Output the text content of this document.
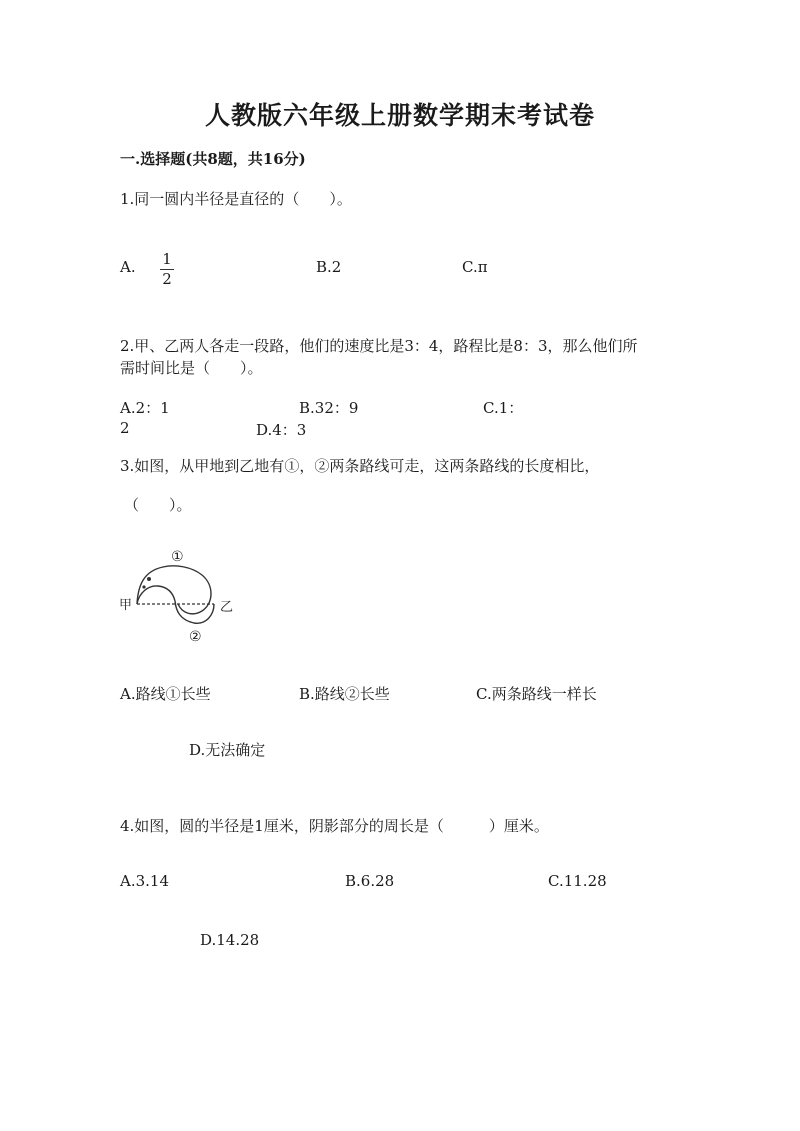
人教版六年级上册数学期末考试卷
一.选择题(共8题，共16分)
1.同一圆内半径是直径的（　　）。
A. 1
2
B.2	C.π
2.甲、乙两人各走一段路，他们的速度比是3：4，路程比是8：3，那么他们所
需时间比是（　　）。
A.2：1	B.32：9	C.1：
2	D.4：3
3.如图，从甲地到乙地有①，②两条路线可走，这两条路线的长度相比，
（　　）。
①
②
甲	乙
A.路线①长些	B.路线②长些	C.两条路线一样长
D.无法确定
4.如图，圆的半径是1厘米，阴影部分的周长是（　　　）厘米。
A.3.14	B.6.28	C.11.28
D.14.28
